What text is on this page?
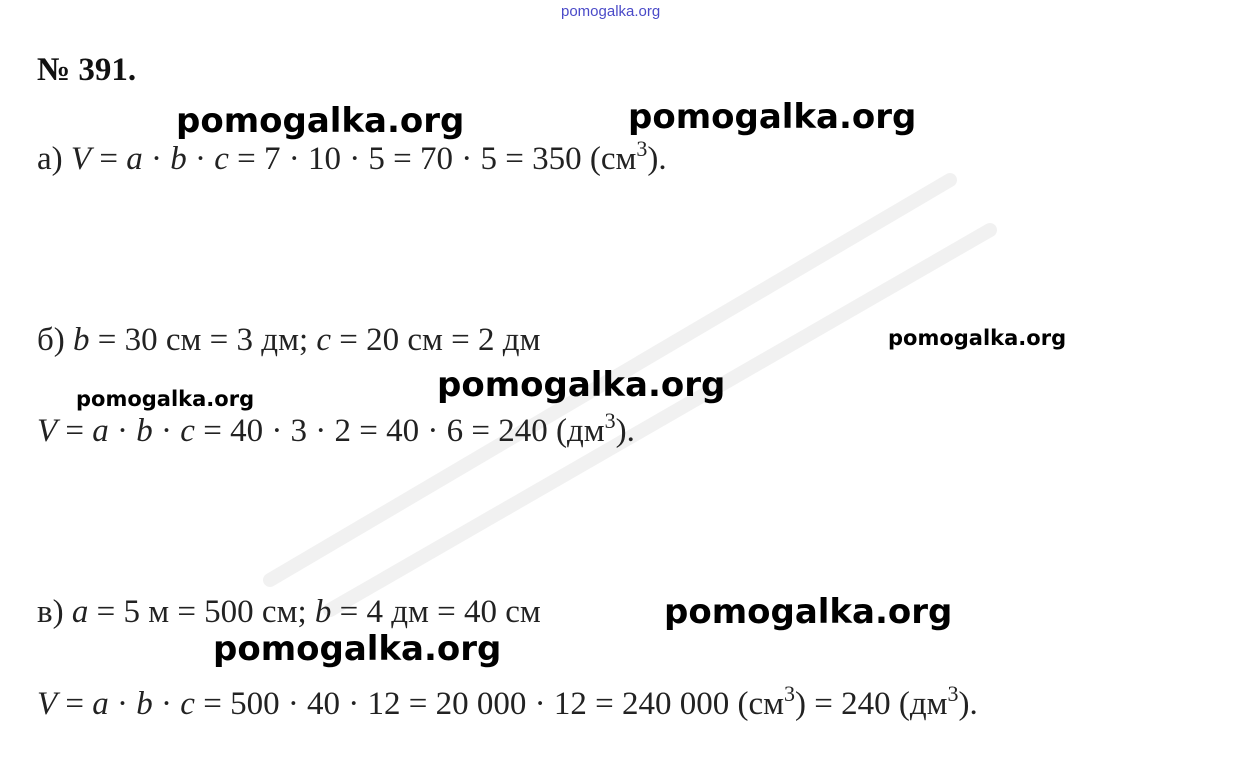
pomogalka.org
№ 391.
а) V = a · b · c = 7 · 10 · 5 = 70 · 5 = 350 $(см^3)$.
б) b = 30 см = 3 дм; c = 20 см = 2 дм
V = a · b · c = 40 · 3 · 2 = 40 · 6 = 240 $(дм^3)$.
в) a = 5 м = 500 см; b = 4 дм = 40 см
V = a · b · c = 500 · 40 · 12 = 20 000 · 12 = 240 000 $(см^3) = 240$ $(дм^3)$.
pomogalka.org	pomogalka.org
pomogalka.org
pomogalka.org
pomogalka.org
pomogalka.org
pomogalka.org
